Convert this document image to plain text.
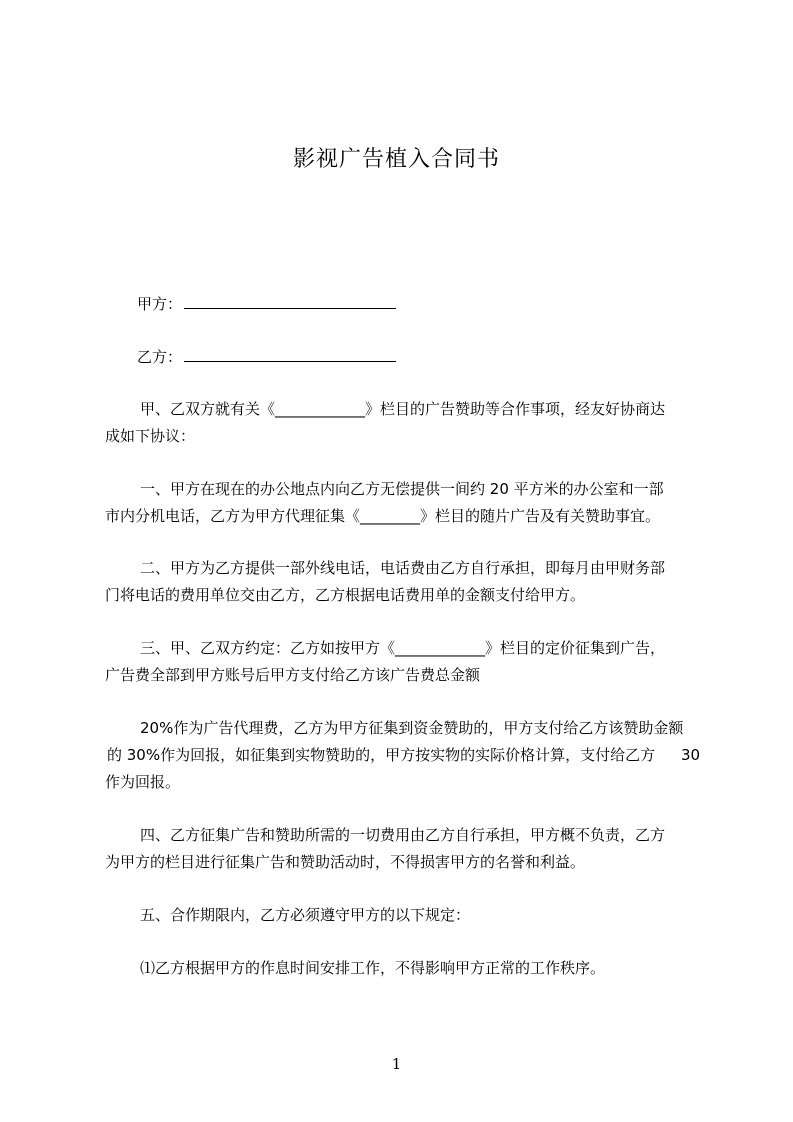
影视广告植入合同书
甲方：
乙方：
甲、乙双方就有关《____________》栏目的广告赞助等合作事项，经友好协商达
成如下协议：
一、甲方在现在的办公地点内向乙方无偿提供一间约 20 平方米的办公室和一部
市内分机电话，乙方为甲方代理征集《________》栏目的随片广告及有关赞助事宜。
二、甲方为乙方提供一部外线电话，电话费由乙方自行承担，即每月由甲财务部
门将电话的费用单位交由乙方，乙方根据电话费用单的金额支付给甲方。
三、甲、乙双方约定：乙方如按甲方《____________》栏目的定价征集到广告，
广告费全部到甲方账号后甲方支付给乙方该广告费总金额
20%作为广告代理费，乙方为甲方征集到资金赞助的，甲方支付给乙方该赞助金额
的 30%作为回报，如征集到实物赞助的，甲方按实物的实际价格计算，支付给乙方 30
作为回报。
四、乙方征集广告和赞助所需的一切费用由乙方自行承担，甲方概不负责，乙方
为甲方的栏目进行征集广告和赞助活动时，不得损害甲方的名誉和利益。
五、合作期限内，乙方必须遵守甲方的以下规定：
⑴乙方根据甲方的作息时间安排工作，不得影响甲方正常的工作秩序。
1
